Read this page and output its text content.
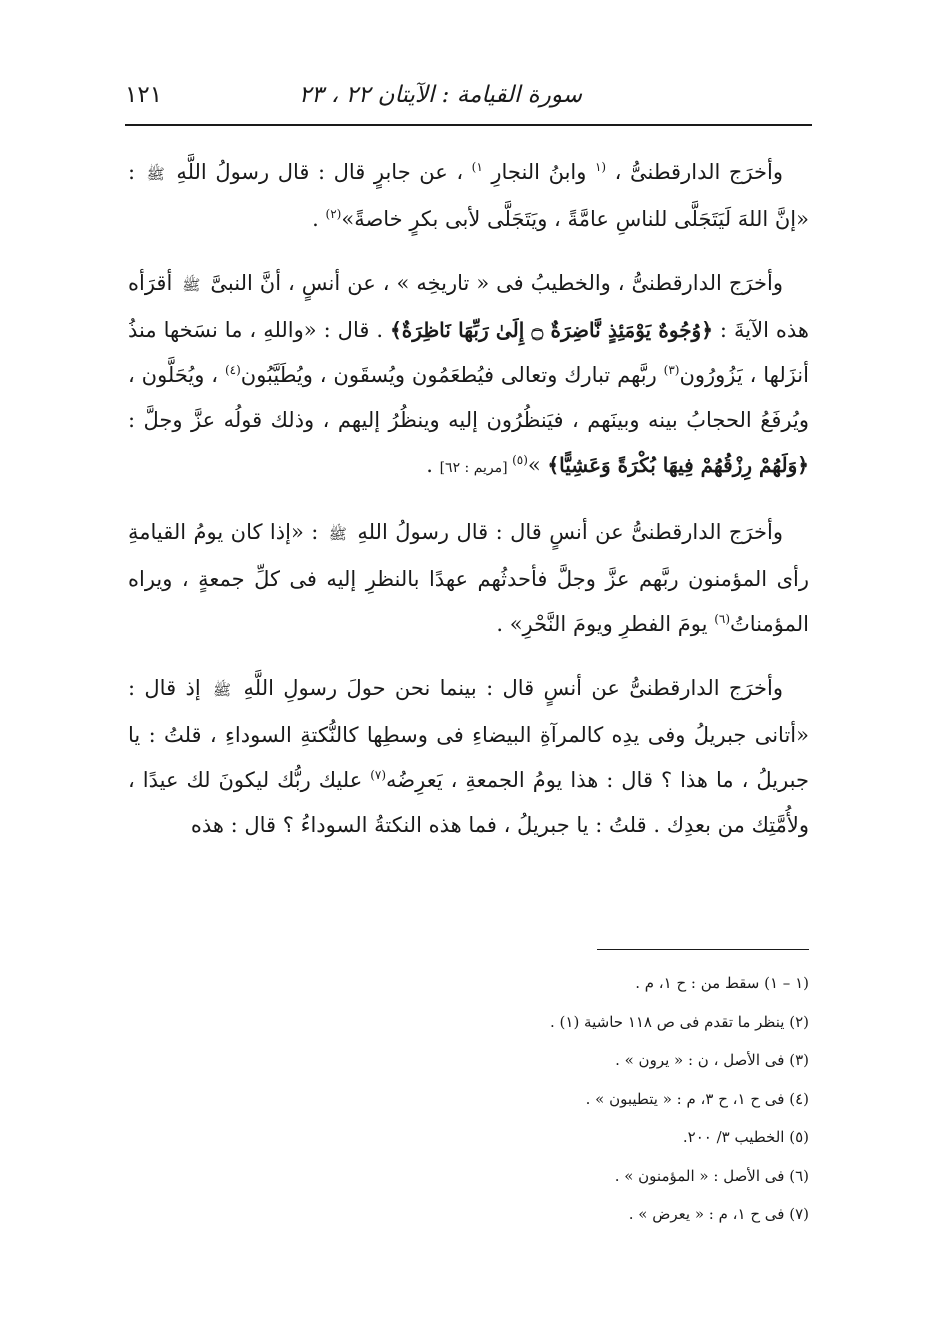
سورة القيامة : الآيتان ٢٢ ، ٢٣
١٢١

وأخرَج الدارقطنىُّ ، $^{(١}$ وابنُ النجارِ $^{١)}$ ، عن جابرٍ قال : قال رسولُ اللَّهِ ﷺ : «إنَّ اللهَ لَيَتَجَلَّى للناسِ عامَّةً ، ويَتَجَلَّى لأبى بكرٍ خاصةً»$^{(٢)}$ .

وأخرَج الدارقطنىُّ ، والخطيبُ فى « تاريخِه » ، عن أنسٍ ، أنَّ النبىَّ ﷺ أقرَأه هذه الآيةَ : ﴿وُجُوهٌ يَوْمَئِذٍ نَّاضِرَةٌ ۝ إِلَىٰ رَبِّهَا نَاظِرَةٌ﴾ . قال : «واللهِ ، ما نسَخها منذُ أنزَلها ، يَزُورُون$^{(٣)}$ ربَّهم تبارك وتعالى فيُطعَمُون ويُسقَون ، ويُطَيَّبُون$^{(٤)}$ ، ويُحَلَّون ، ويُرفَعُ الحجابُ بينه وبينَهم ، فيَنظُرُون إليه وينظُرُ إليهم ، وذلك قولُه عزَّ وجلَّ : ﴿وَلَهُمْ رِزْقُهُمْ فِيهَا بُكْرَةً وَعَشِيًّا﴾ »$^{(٥)}$ [مريم : ٦٢] .

وأخرَج الدارقطنىُّ عن أنسٍ قال : قال رسولُ اللهِ ﷺ : «إذا كان يومُ القيامةِ رأى المؤمنون ربَّهم عزَّ وجلَّ فأحدثُهم عهدًا بالنظرِ إليه فى كلِّ جمعةٍ ، ويراه المؤمناتُ$^{(٦)}$ يومَ الفطرِ ويومَ النَّحْرِ» .

وأخرَج الدارقطنىُّ عن أنسٍ قال : بينما نحن حولَ رسولِ اللَّهِ ﷺ إذ قال : «أتانى جبريلُ وفى يدِه كالمرآةِ البيضاءِ فى وسطِها كالنُّكتةِ السوداءِ ، قلتُ : يا جبريلُ ، ما هذا ؟ قال : هذا يومُ الجمعةِ ، يَعرِضُه$^{(٧)}$ عليك ربُّك ليكونَ لك عيدًا ، ولأُمَّتِك من بعدِك . قلتُ : يا جبريلُ ، فما هذه النكتةُ السوداءُ ؟ قال : هذه

(١ – ١) سقط من : ح ١، م .
(٢) ينظر ما تقدم فى ص ١١٨ حاشية (١) .
(٣) فى الأصل ، ن : « يرون » .
(٤) فى ح ١، ح ٣، م : « يتطيبون » .
(٥) الخطيب ٣/ ٢٠٠.
(٦) فى الأصل : « المؤمنون » .
(٧) فى ح ١، م : « يعرض » .
